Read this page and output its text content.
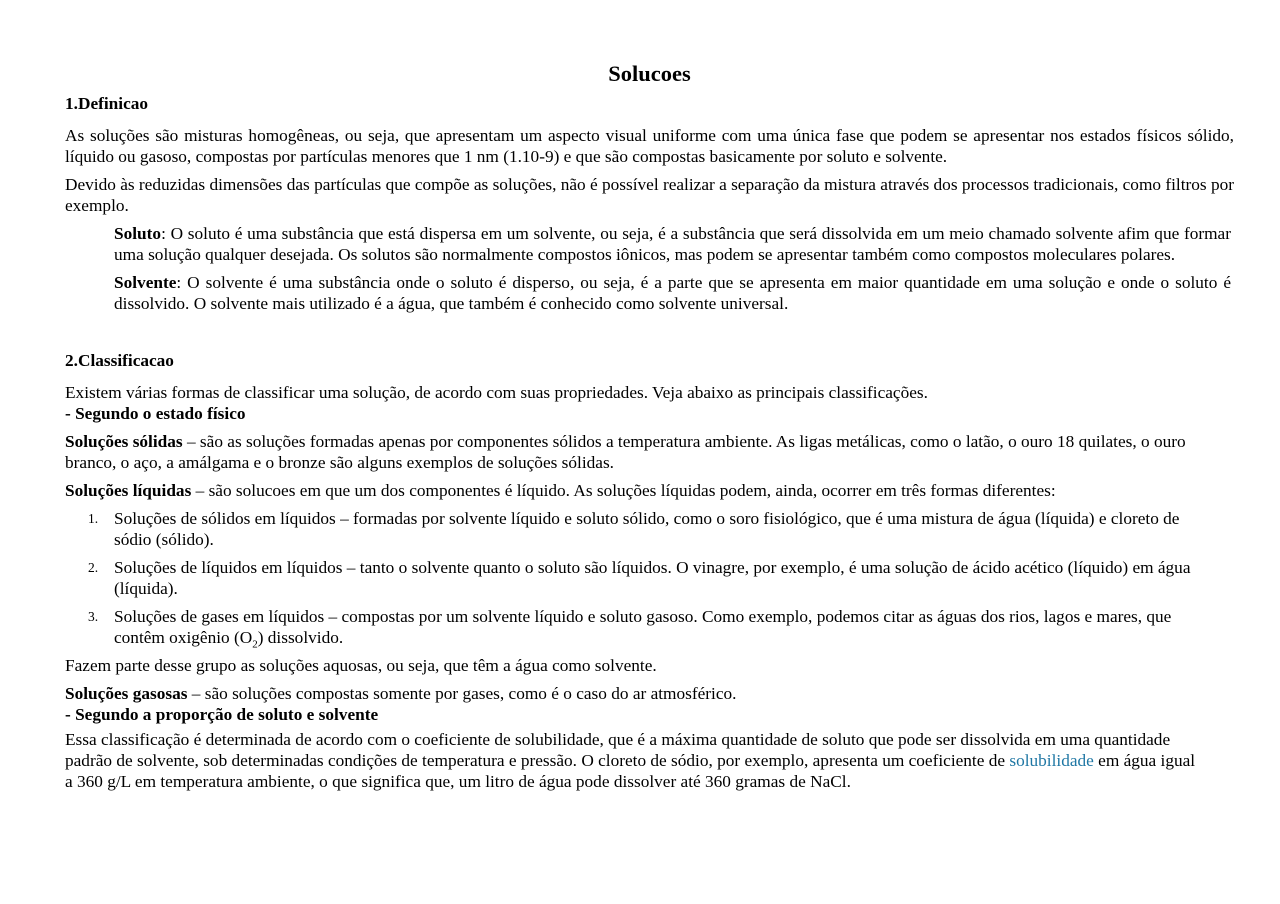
Solucoes
1.Definicao

As soluções são misturas homogêneas, ou seja, que apresentam um aspecto visual uniforme com uma única fase que podem se apresentar nos estados físicos sólido, líquido ou gasoso, compostas por partículas menores que 1 nm (1.10-9) e que são compostas basicamente por soluto e solvente.

Devido às reduzidas dimensões das partículas que compõe as soluções, não é possível realizar a separação da mistura através dos processos tradicionais, como filtros por exemplo.

Soluto: O soluto é uma substância que está dispersa em um solvente, ou seja, é a substância que será dissolvida em um meio chamado solvente afim que formar uma solução qualquer desejada. Os solutos são normalmente compostos iônicos, mas podem se apresentar também como compostos moleculares polares.

Solvente: O solvente é uma substância onde o soluto é disperso, ou seja, é a parte que se apresenta em maior quantidade em uma solução e onde o soluto é dissolvido. O solvente mais utilizado é a água, que também é conhecido como solvente universal.

2.Classificacao

Existem várias formas de classificar uma solução, de acordo com suas propriedades. Veja abaixo as principais classificações.

- Segundo o estado físico

Soluções sólidas – são as soluções formadas apenas por componentes sólidos a temperatura ambiente. As ligas metálicas, como o latão, o ouro 18 quilates, o ouro branco, o aço, a amálgama e o bronze são alguns exemplos de soluções sólidas.

Soluções líquidas – são solucoes em que um dos componentes é líquido. As soluções líquidas podem, ainda, ocorrer em três formas diferentes:

1. Soluções de sólidos em líquidos – formadas por solvente líquido e soluto sólido, como o soro fisiológico, que é uma mistura de água (líquida) e cloreto de sódio (sólido).
2. Soluções de líquidos em líquidos – tanto o solvente quanto o soluto são líquidos. O vinagre, por exemplo, é uma solução de ácido acético (líquido) em água (líquida).
3. Soluções de gases em líquidos – compostas por um solvente líquido e soluto gasoso. Como exemplo, podemos citar as águas dos rios, lagos e mares, que contêm oxigênio $(O_2)$ dissolvido.

Fazem parte desse grupo as soluções aquosas, ou seja, que têm a água como solvente.

Soluções gasosas – são soluções compostas somente por gases, como é o caso do ar atmosférico.

- Segundo a proporção de soluto e solvente

Essa classificação é determinada de acordo com o coeficiente de solubilidade, que é a máxima quantidade de soluto que pode ser dissolvida em uma quantidade padrão de solvente, sob determinadas condições de temperatura e pressão. O cloreto de sódio, por exemplo, apresenta um coeficiente de solubilidade em água igual a 360 g/L em temperatura ambiente, o que significa que, um litro de água pode dissolver até 360 gramas de NaCl.
